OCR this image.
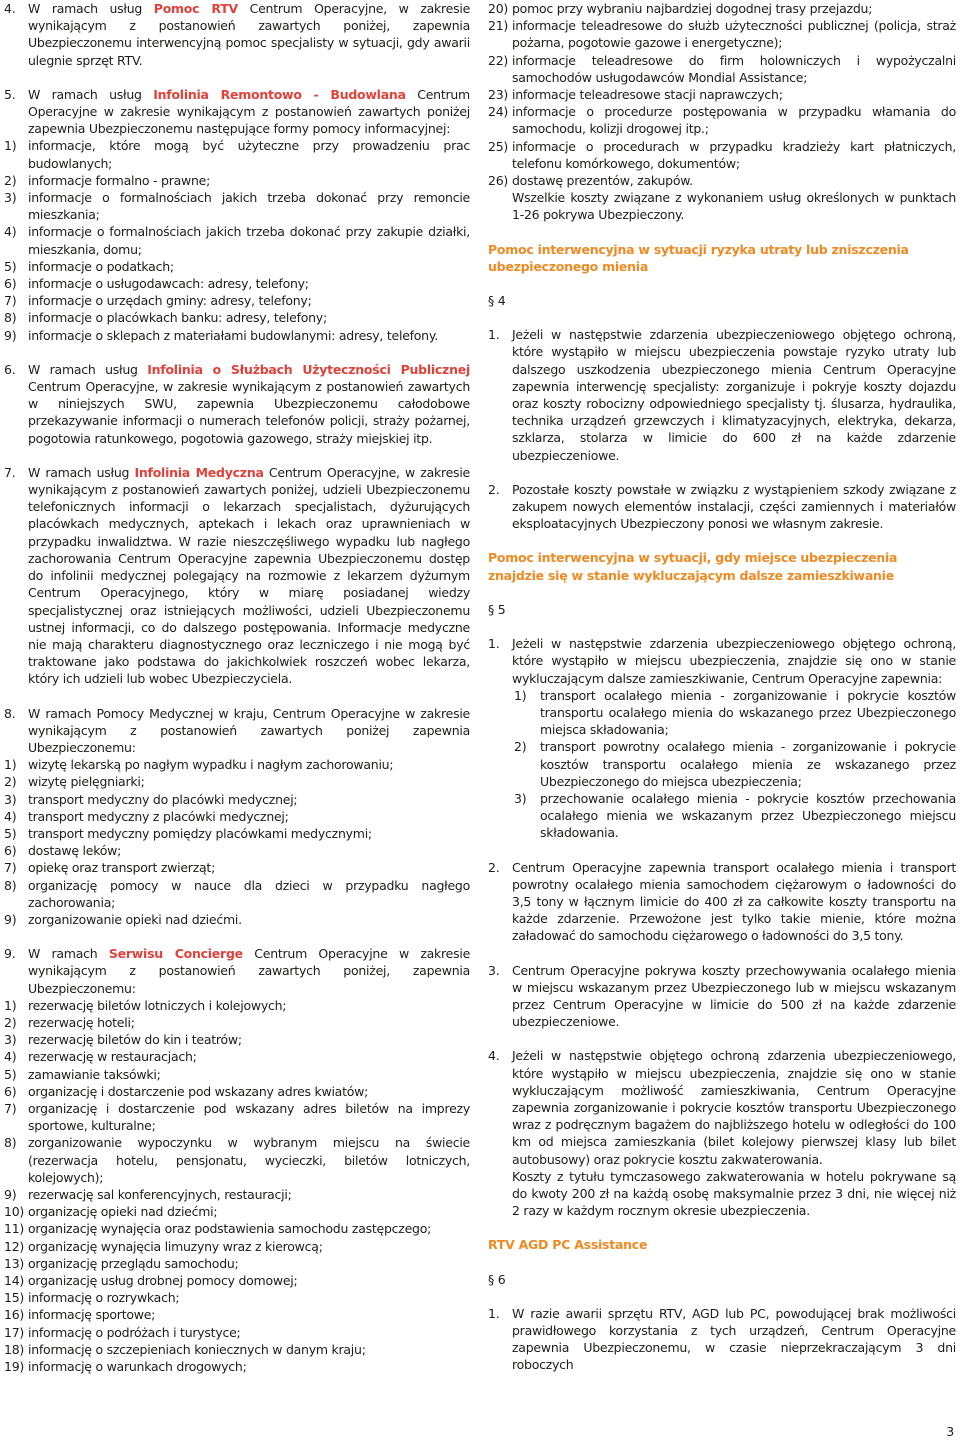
4. W ramach usług Pomoc RTV Centrum Operacyjne, w zakresie wynikającym z postanowień zawartych poniżej, zapewnia Ubezpieczonemu interwencyjną pomoc specjalisty w sytuacji, gdy awarii ulegnie sprzęt RTV.
5. W ramach usług Infolinia Remontowo - Budowlana Centrum Operacyjne w zakresie wynikającym z postanowień zawartych poniżej zapewnia Ubezpieczonemu następujące formy pomocy informacyjnej:
1) informacje, które mogą być użyteczne przy prowadzeniu prac budowlanych;
2) informacje formalno - prawne;
3) informacje o formalnościach jakich trzeba dokonać przy remoncie mieszkania;
4) informacje o formalnościach jakich trzeba dokonać przy zakupie działki, mieszkania, domu;
5) informacje o podatkach;
6) informacje o usługodawcach: adresy, telefony;
7) informacje o urzędach gminy: adresy, telefony;
8) informacje o placówkach banku: adresy, telefony;
9) informacje o sklepach z materiałami budowlanymi: adresy, telefony.
6. W ramach usług Infolinia o Służbach Użyteczności Publicznej Centrum Operacyjne, w zakresie wynikającym z postanowień zawartych w niniejszych SWU, zapewnia Ubezpieczonemu całodobowe przekazywanie informacji o numerach telefonów policji, straży pożarnej, pogotowia ratunkowego, pogotowia gazowego, straży miejskiej itp.
7. W ramach usług Infolinia Medyczna Centrum Operacyjne, w zakresie wynikającym z postanowień zawartych poniżej, udzieli Ubezpieczonemu telefonicznych informacji o lekarzach specjalistach, dyżurujących placówkach medycznych, aptekach i lekach oraz uprawnieniach w przypadku inwalidztwa. W razie nieszczęśliwego wypadku lub nagłego zachorowania Centrum Operacyjne zapewnia Ubezpieczonemu dostęp do infolinii medycznej polegający na rozmowie z lekarzem dyżurnym Centrum Operacyjnego, który w miarę posiadanej wiedzy specjalistycznej oraz istniejących możliwości, udzieli Ubezpieczonemu ustnej informacji, co do dalszego postępowania. Informacje medyczne nie mają charakteru diagnostycznego oraz leczniczego i nie mogą być traktowane jako podstawa do jakichkolwiek roszczeń wobec lekarza, który ich udzieli lub wobec Ubezpieczyciela.
8. W ramach Pomocy Medycznej w kraju, Centrum Operacyjne w zakresie wynikającym z postanowień zawartych poniżej zapewnia Ubezpieczonemu:
1) wizytę lekarską po nagłym wypadku i nagłym zachorowaniu;
2) wizytę pielęgniarki;
3) transport medyczny do placówki medycznej;
4) transport medyczny z placówki medycznej;
5) transport medyczny pomiędzy placówkami medycznymi;
6) dostawę leków;
7) opiekę oraz transport zwierząt;
8) organizację pomocy w nauce dla dzieci w przypadku nagłego zachorowania;
9) zorganizowanie opieki nad dziećmi.
9. W ramach Serwisu Concierge Centrum Operacyjne w zakresie wynikającym z postanowień zawartych poniżej, zapewnia Ubezpieczonemu:
1) rezerwację biletów lotniczych i kolejowych;
2) rezerwację hoteli;
3) rezerwację biletów do kin i teatrów;
4) rezerwację w restauracjach;
5) zamawianie taksówki;
6) organizację i dostarczenie pod wskazany adres kwiatów;
7) organizację i dostarczenie pod wskazany adres biletów na imprezy sportowe, kulturalne;
8) zorganizowanie wypoczynku w wybranym miejscu na świecie (rezerwacja hotelu, pensjonatu, wycieczki, biletów lotniczych, kolejowych);
9) rezerwację sal konferencyjnych, restauracji;
10) organizację opieki nad dziećmi;
11) organizację wynajęcia oraz podstawienia samochodu zastępczego;
12) organizację wynajęcia limuzyny wraz z kierowcą;
13) organizację przeglądu samochodu;
14) organizację usług drobnej pomocy domowej;
15) informację o rozrywkach;
16) informację sportowe;
17) informację o podróżach i turystyce;
18) informację o szczepieniach koniecznych w danym kraju;
19) informację o warunkach drogowych;
20) pomoc przy wybraniu najbardziej dogodnej trasy przejazdu;
21) informacje teleadresowe do służb użyteczności publicznej (policja, straż pożarna, pogotowie gazowe i energetyczne);
22) informacje teleadresowe do firm holowniczych i wypożyczalni samochodów usługodawców Mondial Assistance;
23) informacje teleadresowe stacji naprawczych;
24) informacje o procedurze postępowania w przypadku włamania do samochodu, kolizji drogowej itp.;
25) informacje o procedurach w przypadku kradzieży kart płatniczych, telefonu komórkowego, dokumentów;
26) dostawę prezentów, zakupów.
Wszelkie koszty związane z wykonaniem usług określonych w punktach 1-26 pokrywa Ubezpieczony.
Pomoc interwencyjna w sytuacji ryzyka utraty lub zniszczenia ubezpieczonego mienia
§ 4
1. Jeżeli w następstwie zdarzenia ubezpieczeniowego objętego ochroną, które wystąpiło w miejscu ubezpieczenia powstaje ryzyko utraty lub dalszego uszkodzenia ubezpieczonego mienia Centrum Operacyjne zapewnia interwencję specjalisty: zorganizuje i pokryje koszty dojazdu oraz koszty robocizny odpowiedniego specjalisty tj. ślusarza, hydraulika, technika urządzeń grzewczych i klimatyzacyjnych, elektryka, dekarza, szklarza, stolarza w limicie do 600 zł na każde zdarzenie ubezpieczeniowe.
2. Pozostałe koszty powstałe w związku z wystąpieniem szkody związane z zakupem nowych elementów instalacji, części zamiennych i materiałów eksploatacyjnych Ubezpieczony ponosi we własnym zakresie.
Pomoc interwencyjna w sytuacji, gdy miejsce ubezpieczenia znajdzie się w stanie wykluczającym dalsze zamieszkiwanie
§ 5
1. Jeżeli w następstwie zdarzenia ubezpieczeniowego objętego ochroną, które wystąpiło w miejscu ubezpieczenia, znajdzie się ono w stanie wykluczającym dalsze zamieszkiwanie, Centrum Operacyjne zapewnia:
1) transport ocalałego mienia - zorganizowanie i pokrycie kosztów transportu ocalałego mienia do wskazanego przez Ubezpieczonego miejsca składowania;
2) transport powrotny ocalałego mienia - zorganizowanie i pokrycie kosztów transportu ocalałego mienia ze wskazanego przez Ubezpieczonego do miejsca ubezpieczenia;
3) przechowanie ocalałego mienia - pokrycie kosztów przechowania ocalałego mienia we wskazanym przez Ubezpieczonego miejscu składowania.
2. Centrum Operacyjne zapewnia transport ocalałego mienia i transport powrotny ocalałego mienia samochodem ciężarowym o ładowności do 3,5 tony w łącznym limicie do 400 zł za całkowite koszty transportu na każde zdarzenie. Przewożone jest tylko takie mienie, które można załadować do samochodu ciężarowego o ładowności do 3,5 tony.
3. Centrum Operacyjne pokrywa koszty przechowywania ocalałego mienia w miejscu wskazanym przez Ubezpieczonego lub w miejscu wskazanym przez Centrum Operacyjne w limicie do 500 zł na każde zdarzenie ubezpieczeniowe.
4. Jeżeli w następstwie objętego ochroną zdarzenia ubezpieczeniowego, które wystąpiło w miejscu ubezpieczenia, znajdzie się ono w stanie wykluczającym możliwość zamieszkiwania, Centrum Operacyjne zapewnia zorganizowanie i pokrycie kosztów transportu Ubezpieczonego wraz z podręcznym bagażem do najbliższego hotelu w odległości do 100 km od miejsca zamieszkania (bilet kolejowy pierwszej klasy lub bilet autobusowy) oraz pokrycie kosztu zakwaterowania.
Koszty z tytułu tymczasowego zakwaterowania w hotelu pokrywane są do kwoty 200 zł na każdą osobę maksymalnie przez 3 dni, nie więcej niż 2 razy w każdym rocznym okresie ubezpieczenia.
RTV AGD PC Assistance
§ 6
1. W razie awarii sprzętu RTV, AGD lub PC, powodującej brak możliwości prawidłowego korzystania z tych urządzeń, Centrum Operacyjne zapewnia Ubezpieczonemu, w czasie nieprzekraczającym 3 dni roboczych
3
